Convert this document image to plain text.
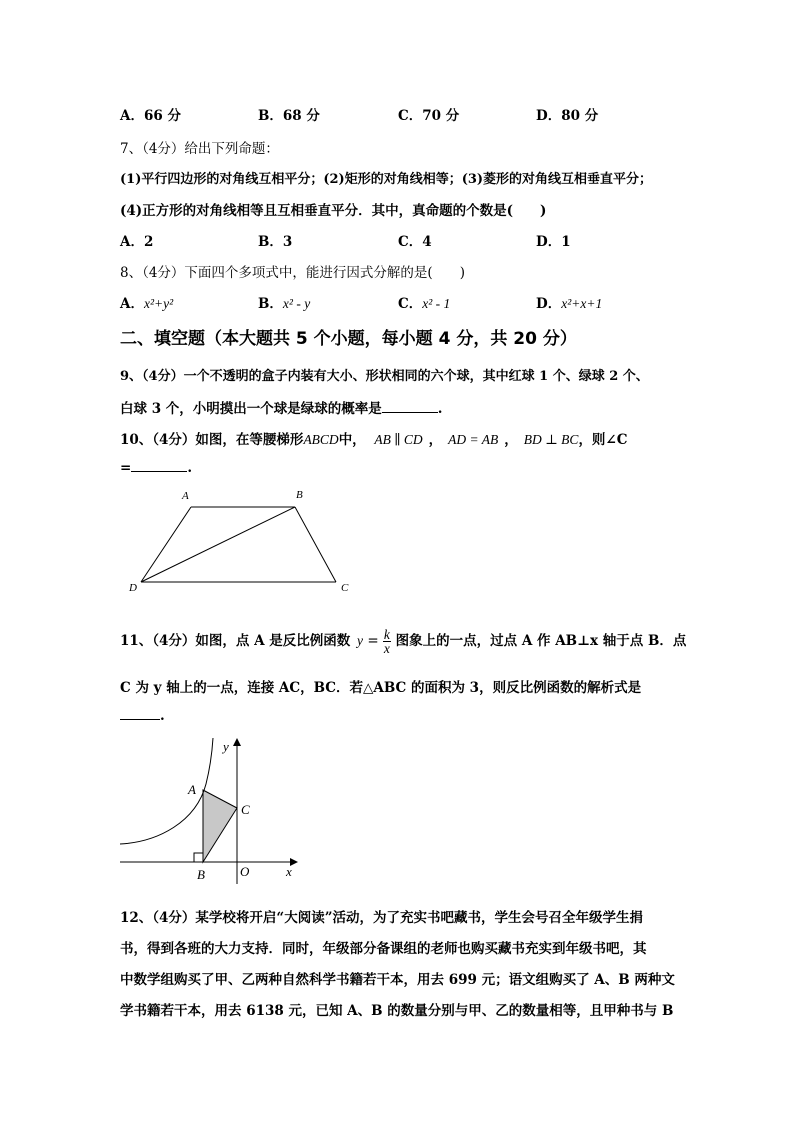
A．66 分	B．68 分	C．70 分	D．80 分
7、（4分）给出下列命题：
(1)平行四边形的对角线互相平分；(2)矩形的对角线相等；(3)菱形的对角线互相垂直平分；
(4)正方形的对角线相等且互相垂直平分．其中，真命题的个数是(　　)
A．2	B．3	C．4	D．1
8、（4分）下面四个多项式中，能进行因式分解的是(　　)
A．x²+y²	B．x² - y	C．x² - 1	D．x²+x+1
二、填空题（本大题共 5 个小题，每小题 4 分，共 20 分）
9、（4分）一个不透明的盒子内装有大小、形状相同的六个球，其中红球 1 个、绿球 2 个、
白球 3 个，小明摸出一个球是绿球的概率是	.
10、（4分）如图，在等腰梯形ABCD中， AB ∥ CD ， AD = AB ， BD ⊥ BC，则∠C
=	.
A	B
D	C
11、（4分）如图，点 A 是反比例函数 $y = \frac{k}{x}$ 图象上的一点，过点 A 作 AB⊥x 轴于点 B．点
C 为 y 轴上的一点，连接 AC，BC．若△ABC 的面积为 3，则反比例函数的解析式是
.
y
x
O
A
B
C
12、（4分）某学校将开启“大阅读”活动，为了充实书吧藏书，学生会号召全年级学生捐
书，得到各班的大力支持．同时，年级部分备课组的老师也购买藏书充实到年级书吧，其
中数学组购买了甲、乙两种自然科学书籍若干本，用去 699 元；语文组购买了 A、B 两种文
学书籍若干本，用去 6138 元，已知 A、B 的数量分别与甲、乙的数量相等，且甲种书与 B
